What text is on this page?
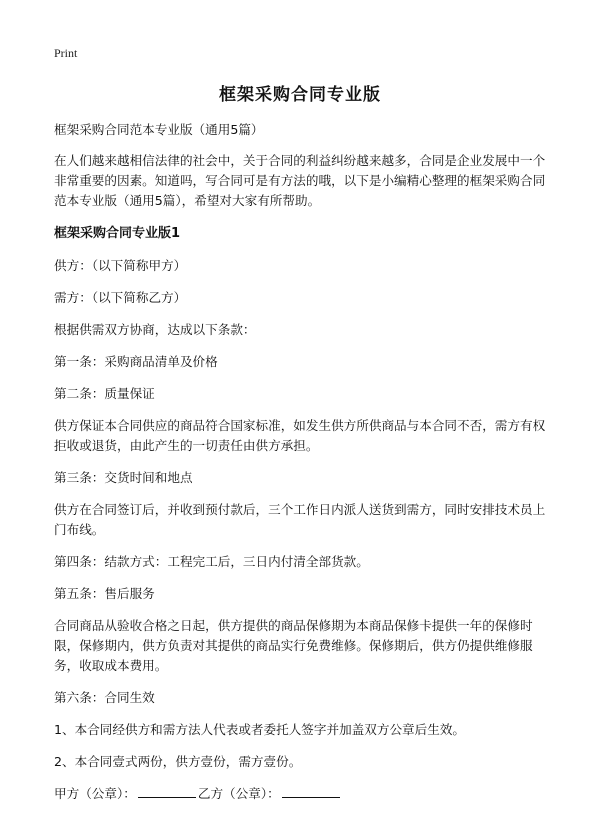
Print
框架采购合同专业版

框架采购合同范本专业版（通用5篇）

在人们越来越相信法律的社会中，关于合同的利益纠纷越来越多，合同是企业发展中一个非常重要的因素。知道吗，写合同可是有方法的哦，以下是小编精心整理的框架采购合同范本专业版（通用5篇），希望对大家有所帮助。

框架采购合同专业版1

供方：（以下简称甲方）

需方：（以下简称乙方）

根据供需双方协商，达成以下条款：

第一条：采购商品清单及价格

第二条：质量保证

供方保证本合同供应的商品符合国家标准，如发生供方所供商品与本合同不否，需方有权拒收或退货，由此产生的一切责任由供方承担。

第三条：交货时间和地点

供方在合同签订后，并收到预付款后，三个工作日内派人送货到需方，同时安排技术员上门布线。

第四条：结款方式：工程完工后，三日内付清全部货款。

第五条：售后服务

合同商品从验收合格之日起，供方提供的商品保修期为本商品保修卡提供一年的保修时限，保修期内，供方负责对其提供的商品实行免费维修。保修期后，供方仍提供维修服务，收取成本费用。

第六条：合同生效

1、本合同经供方和需方法人代表或者委托人签字并加盖双方公章后生效。

2、本合同壹式两份，供方壹份，需方壹份。

甲方（公章）：	乙方（公章）：
